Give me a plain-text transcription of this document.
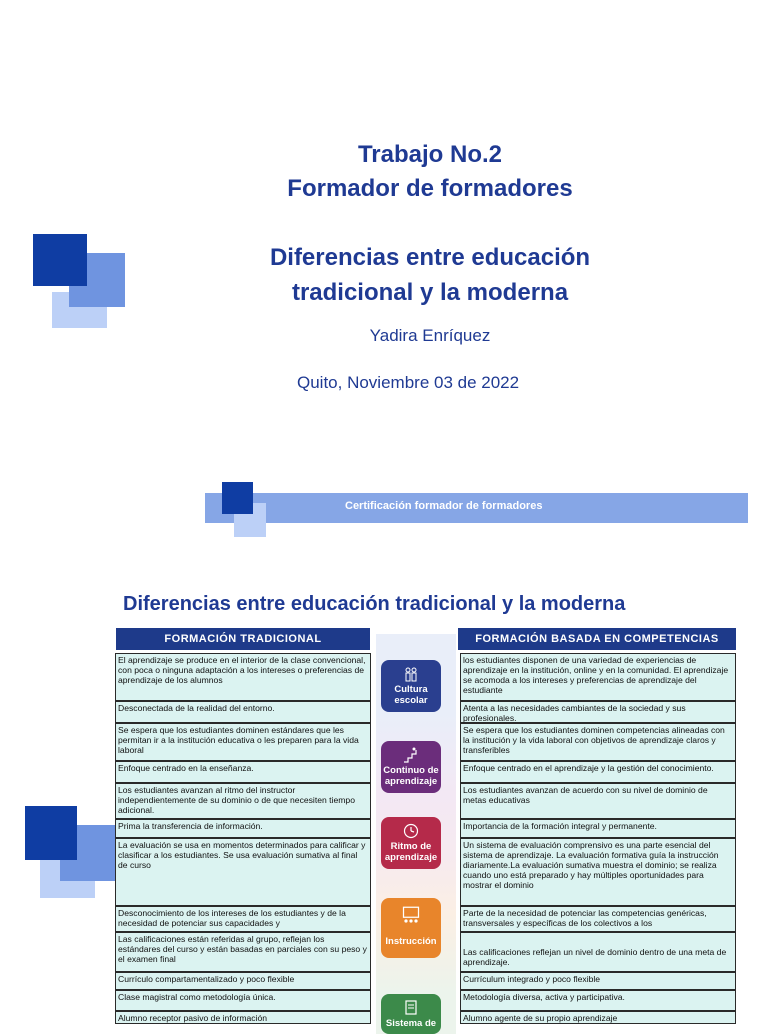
Trabajo No.2
Formador de formadores
Diferencias entre educación
tradicional y la moderna
Yadira Enríquez
Quito, Noviembre 03 de 2022
Certificación formador de formadores
Diferencias entre educación tradicional y la moderna
FORMACIÓN TRADICIONAL	FORMACIÓN BASADA EN COMPETENCIAS
El aprendizaje se produce en el interior de la clase convencional, con poca o ninguna adaptación a los intereses o preferencias de aprendizaje de los alumnos
Desconectada de la realidad del entorno.
Se espera que los estudiantes dominen estándares que les permitan ir a la institución educativa o les preparen para la vida laboral
Enfoque centrado en la enseñanza.
Los estudiantes avanzan al ritmo del instructor independientemente de su dominio o de que necesiten tiempo adicional.
Prima la transferencia de información.
La evaluación se usa en momentos determinados para calificar y clasificar a los estudiantes. Se usa evaluación sumativa al final de curso
Desconocimiento de los intereses de los estudiantes y de la necesidad de potenciar sus capacidades y
Las calificaciones están referidas al grupo, reflejan los estándares del curso y están basadas en parciales con su peso y el examen final
Currículo compartamentalizado y poco flexible
Clase magistral como metodología única.
Alumno receptor pasivo de información
los estudiantes disponen de una variedad de experiencias de aprendizaje en la institución, online y en la comunidad. El aprendizaje se acomoda a los intereses y preferencias de aprendizaje del estudiante
Atenta a las necesidades cambiantes de la sociedad y sus profesionales.
Se espera que los estudiantes dominen competencias alineadas con la institución y la vida laboral con objetivos de aprendizaje claros y transferibles
Enfoque centrado en el aprendizaje y la gestión del conocimiento.
Los estudiantes avanzan de acuerdo con su nivel de dominio de metas educativas
Importancia de la formación integral y permanente.
Un sistema de evaluación comprensivo es una parte esencial del sistema de aprendizaje. La evaluación formativa guía la instrucción diariamente.La evaluación sumativa muestra el dominio; se realiza cuando uno está preparado y hay múltiples oportunidades para mostrar el dominio
Parte de la necesidad de potenciar las competencias genéricas, transversales y específicas de los colectivos a los
Las calificaciones reflejan un nivel de dominio dentro de una meta de aprendizaje.
Currículum integrado y poco flexible
Metodología diversa, activa y participativa.
Alumno agente de su propio aprendizaje
Cultura escolar
Continuo de aprendizaje
Ritmo de aprendizaje
Instrucción
Sistema de
